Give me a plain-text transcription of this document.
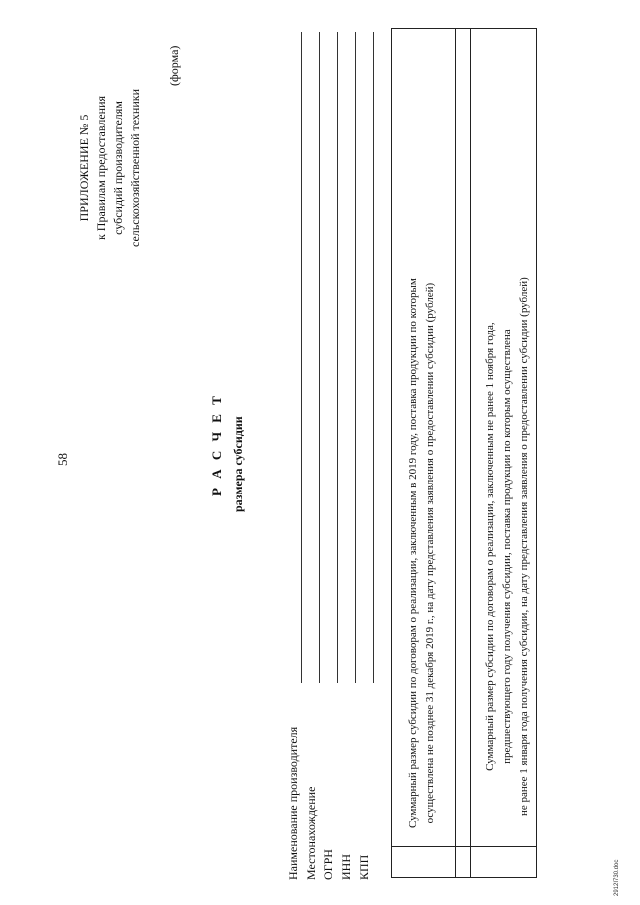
58
ПРИЛОЖЕНИЕ № 5 к Правилам предоставления субсидий производителям сельскохозяйственной техники
(форма)
Р А С Ч Е Т размера субсидии
Наименование производителя Местонахождение ОГРН ИНН КПП
Суммарный размер субсидии по договорам о реализации, заключенным в 2019 году, поставка продукции по которым осуществлена не позднее 31 декабря 2019 г., на дату представления заявления о предоставлении субсидии (рублей)	Суммарный размер субсидии по договорам о реализации, заключенным не ранее 1 ноября года, предшествующего году получения субсидии, поставка продукции по которым осуществлена не ранее 1 января года получения субсидии, на дату представления заявления о предоставлении субсидии (рублей)
2912I730.doc
